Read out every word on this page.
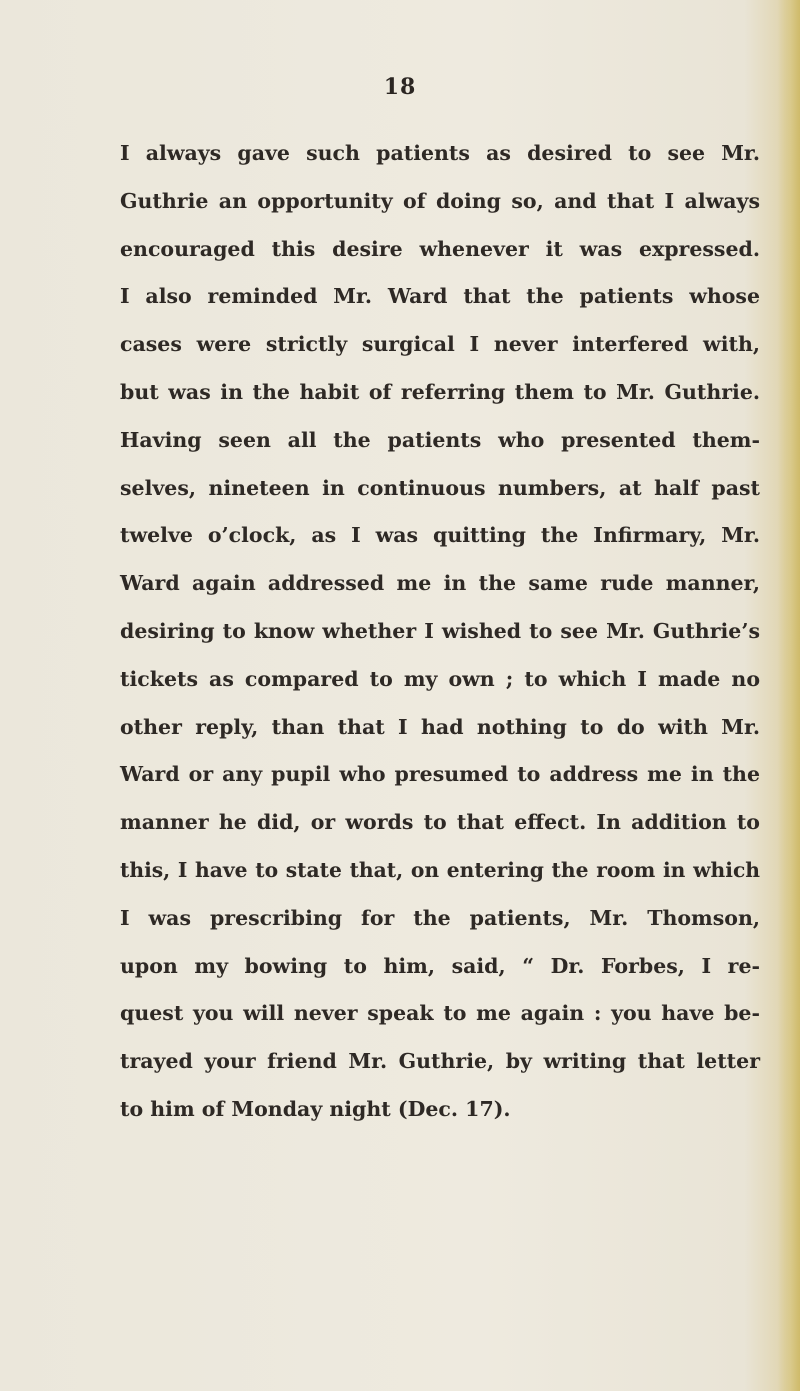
18
I always gave such patients as desired to see Mr.
Guthrie an opportunity of doing so, and that I always
encouraged this desire whenever it was expressed.
I also reminded Mr. Ward that the patients whose
cases were strictly surgical I never interfered with,
but was in the habit of referring them to Mr. Guthrie.
Having seen all the patients who presented them-
selves, nineteen in continuous numbers, at half past
twelve o’clock, as I was quitting the Infirmary, Mr.
Ward again addressed me in the same rude manner,
desiring to know whether I wished to see Mr. Guthrie’s
tickets as compared to my own ; to which I made no
other reply, than that I had nothing to do with Mr.
Ward or any pupil who presumed to address me in the
manner he did, or words to that effect. In addition to
this, I have to state that, on entering the room in which
I was prescribing for the patients, Mr. Thomson,
upon my bowing to him, said, “ Dr. Forbes, I re-
quest you will never speak to me again : you have be-
trayed your friend Mr. Guthrie, by writing that letter
to him of Monday night (Dec. 17).
